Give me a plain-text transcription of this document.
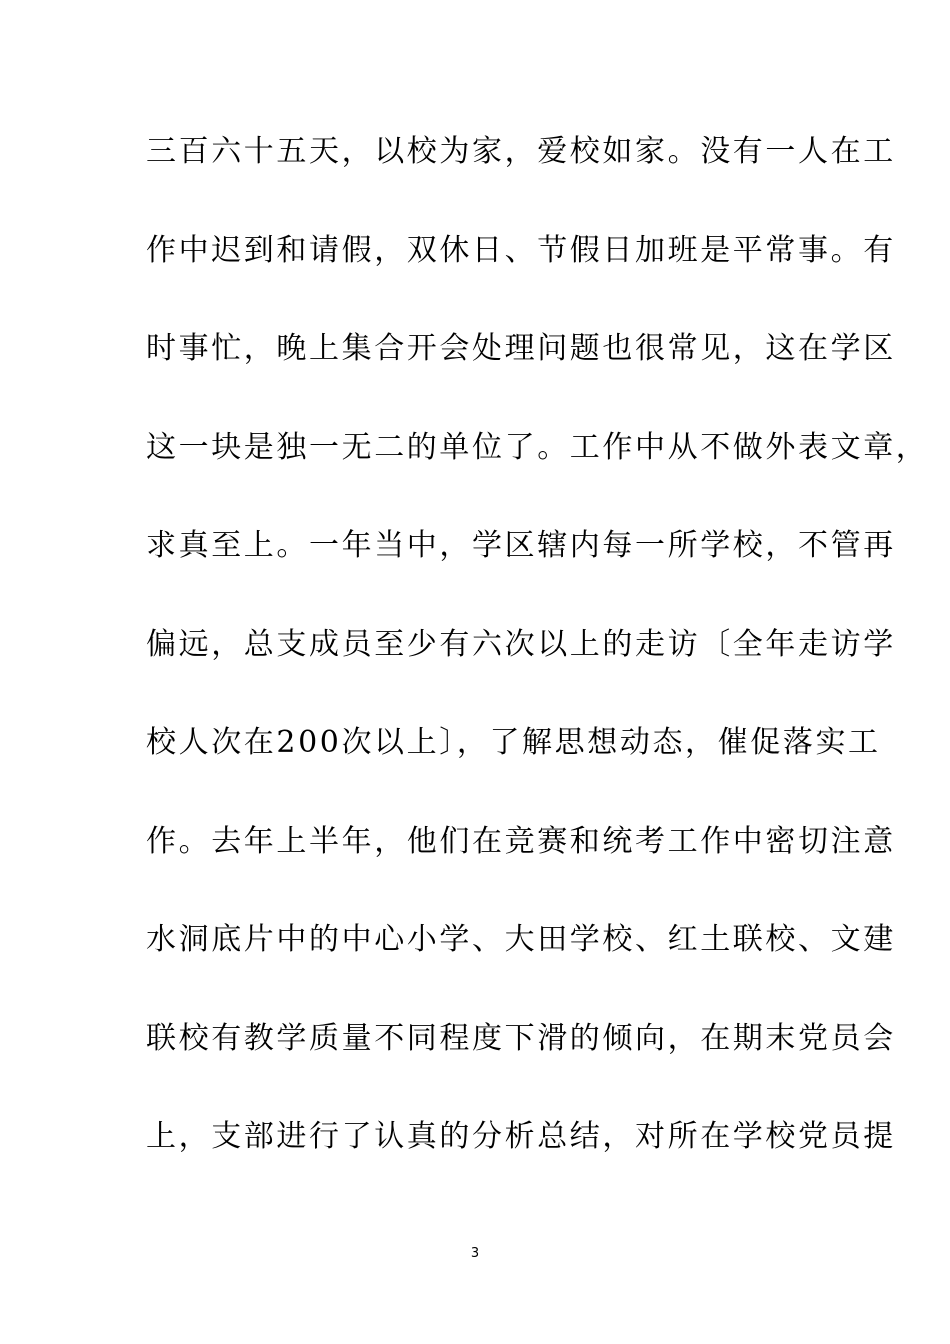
三百六十五天，以校为家，爱校如家。没有一人在工
作中迟到和请假，双休日、节假日加班是平常事。有
时事忙，晚上集合开会处理问题也很常见，这在学区
这一块是独一无二的单位了。工作中从不做外表文章，
求真至上。一年当中，学区辖内每一所学校，不管再
偏远，总支成员至少有六次以上的走访〔全年走访学
校人次在200次以上〕，了解思想动态，催促落实工
作。去年上半年，他们在竞赛和统考工作中密切注意
水洞底片中的中心小学、大田学校、红土联校、文建
联校有教学质量不同程度下滑的倾向，在期末党员会
上，支部进行了认真的分析总结，对所在学校党员提
3
